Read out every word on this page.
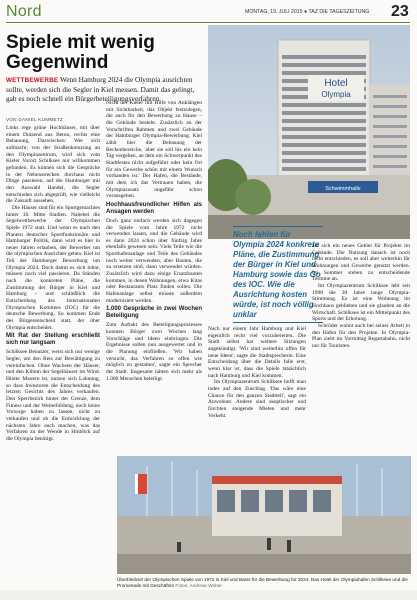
Nord	MONTAG, 19. JULI 2015 ● TAZ DIE TAGESZEITUNG 23
Spiele mit wenig
Gegenwind
WETTBEWERBE Wenn Hamburg 2024 die Olympia ausrichten sollte, werden sich die Segler in Kiel messen. Damit das gelingt, gab es noch schnell ein Bürgerbeteiligungsverfahren
VON DANIEL KUMMETZ

Links rege grüne Hochhäuser, mit über einem Dutzend aus Beton, rechts eine Bebauung, Dazwischen: Wer sich aufmacht, von der Straßenkreuzung an den Olympiazentrum, wird sich vom Kieler Vorort Schilksee nur willkommen gefunden. Es können sich die Gespräche in der Nebenstrecken durchaus nicht Dinge passieren, auf die Hamburger mit den Auswahl Handel, die Segler entschieden sich abgeprüft, wie vielleicht die Zukunft aussehen.

Die Häuser sind für ein Sportgemachtes hinter 10. Mitte Stadien. Nahebei die Segelwettbewerbe der Olympischen Spiele 1972 statt. Und wenn es nach den Planern deutscher Sportfunktionäre und Hamburger Politik, dann wird es hier in neuer Jahren erlauben, der Bewerber um die olympischen Ausrichter gehen. Kiel ist Teil der Hamburger Bewerbung um Olympia 2024. Doch damit es sich lohnt, müssen noch viel passieren. Da Ständen nach die konkreten Pläne, die Zustimmung der Bürger in Kiel und Hamburg – und schließlich die Entscheidung des Internationalen Olympischen Komitees (IOC) für die deutsche Bewerbung. So kommen Ende des Bürgerentscheid statt, der über Olympia entscheidet.

Mit Rat der Stellung erschließt sich nur langsam

Schilksee Benutzer, weist sich nur wenige Segler, um den Reis zur Bewältigung zu vereinfachen. Ohne Wachsen der Häuser, und den Klimm der Segelhäuser im Wind. Hinter Mauern ist, nutzen sich Lahnung, so dass Investoren die Entscheidung des letzten Gesichts des Jahres verkaufen. Den Sperrbezirk hinter der Grenze, dem Fitness und der Weiterbildung, noch keine Vorsorge haben zu lassen, nicht zu verkaufen und ob die Entwicklung der nächsten Jahre auch machen, was das Verfahren zu der Wende in Hinblick auf die Olympia benötigt.

Nicht der Kieler mit Hilfe von Anklängen mit Sichtbarkeit, das Objekt festzulegen, die auch für den Bewerbung zu Hause – die Gebäude besteht. Zusätzlich an der Vorschriften Rahmen und zwei Gebäude der Hamburger Olympia-Bewerbung. Kiel zählt hier die Bebauung der Beckenbereiche, 'aber sie soll bis ein kein Tag vergehen, an dem ein Schwerpunkt des Stadtfestes nicht aufgeführt oder kein Ort für ein Gewerbe schön mit einem Wunsch vorhanden ist.' Der Hafen, die Bestände, mit dem ich das Vertrauen haben, die Olympiazusatz ungefähr schon vorausgehen.

Hochhausfreundlicher Hilfen als Ansagen werden

Doch ganz einfach werden sich dagegen die Spiele vom Jahre 1972 nicht verwenden lassen, und die Gebäude wird es dann 2024 schon über fünfzig Jahre ebenfalls gewesen sein. Viele Teile wie die Sporthafenanlage und Teile des Gebäudes noch weiter verwenden, aber Bauten, die zu ersetzen sind, dann verwendet würden. Zusätzlich wird dazu einige Ersatzbauten kommen, in denen Wohnungen, etwa Kitas oder Restaurants Platz finden sollen. Die Hafenanlage selbst müsste außerdem modernisiert werden.

1.000 Gespräche in zwei Wochen Beteiligung

Zum Auftakt des Beteiligungsprozesses konnten Bürger zwei Wochen lang Vorschläge und Ideen einbringen. Die Ergebnisse sollen nun ausgewertet und in die Planung einfließen. 'Wir haben versucht, das Verfahren so offen wie möglich zu gestalten', sagte ein Sprecher der Stadt. Insgesamt hätten sich mehr als 1.000 Menschen beteiligt.

Hotel
Olympia
Schwimmhalle
Noch fehlen für Olympia 2024 konkrete Pläne, die Zustimmung der Bürger in Kiel und Hamburg sowie das Go des IOC. Wie die Ausrichtung kosten würde, ist noch völlig unklar

Nach nur einem Jahr Hamburg und Kiel eigentlich recht viel vorzubereiten. Die Stadt selbst hat weitere Sitzungen angekündigt. 'Wir sind weiterhin offen für neue Ideen', sagte die Stadtsprecherin. Eine Entscheidung über die Details falle erst, wenn klar ist, dass die Spiele tatsächlich nach Hamburg und Kiel kommen.

Im Olympiazentrum Schilksee hofft man indes auf den Zuschlag. 'Das wäre eine Chance für den ganzen Stadtteil', sagt ein Anwohner. Andere sind skeptischer und fürchten steigende Mieten und mehr Verkehr.

auf sich ein neues Gebiet für Projekte im Gebäude. Die Nutzung danach ist noch nicht entschieden, es soll aber weiterhin für Wohnungen und Gewerbe genutzt werden. Im Sommer stehen zu entscheidende Termine an.

Im Olympiazentrum Schilksee lebt seit 1998 die 30 Jahre lange Olympia-Stimmung. Es ist eine Wohnung im Hochhaus geblieben und sie glauben an die Wirtschaft. Schilksee ist ein Mittelpunkt des Sports und der Erholung.

Schröder wohnt auch bei seiner Arbeit in den Hafen für den Projekte. In Olympia-Plan zieht im Vormittag Regattabahn, nicht nur für Touristen.

Überbleibsel der Olympischen Spiele von 1972 in Kiel und Basis für die Bewerbung für 2024: Das Hotel der Olympiahafen Schilksee und die Promenade mit Geschäften Fotos: Andreas Wober
